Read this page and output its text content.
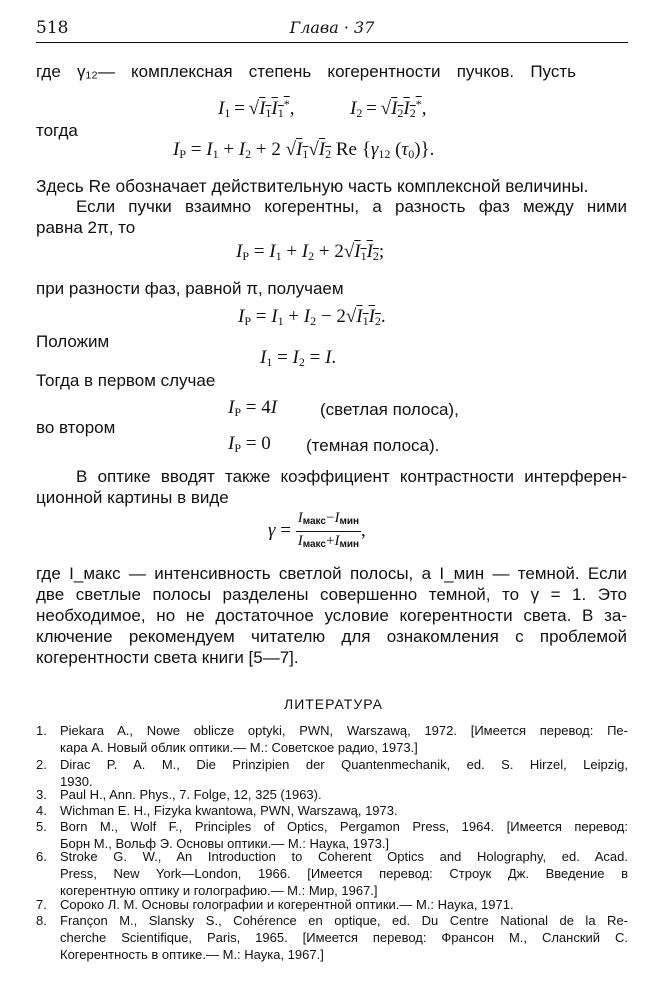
518	Глава · 37
где γ₁₂— комплексная степень когерентности пучков. Пусть
$I_1 = √I_1I_1^*$,	$I_2 = √I_2I_2^*$,
тогда
$I_P = I_1 + I_2 + 2$ $√I_1√I_2$ Re {$\gamma_{12}$ $(\tau_0)$}.
Здесь Re обозначает действительную часть комплексной величины.
Если пучки взаимно когерентны, а разность фаз между ними
равна 2π, то
$I_P = I_1 + I_2 + 2√I_1I_2$;
при разности фаз, равной π, получаем
$I_P = I_1 + I_2 - 2√I_1I_2$.
Положим
$I_1 = I_2 = I$.
Тогда в первом случае
$I_P = 4I$	(светлая полоса),
во втором
$I_P = 0$ (темная полоса).
В оптике вводят также коэффициент контрастности интерферен-
ционной картины в виде
$\gamma = \frac{I_{макс}-I_{мин}}{I_{макс}+I_{мин}}$ ,
где I_макс — интенсивность светлой полосы, а I_мин — темной. Если
две светлые полосы разделены совершенно темной, то γ = 1. Это
необходимое, но не достаточное условие когерентности света. В за-
ключение рекомендуем читателю для ознакомления с проблемой
когерентности света книги [5—7].
ЛИТЕРАТУРА
1.	Piekara A., Nowe oblicze optyki, PWN, Warszawą, 1972. [Имеется перевод: Пе-
кара А. Новый облик оптики.— М.: Советское радио, 1973.]
2.	Dirac P. A. M., Die Prinzipien der Quantenmechanik, ed. S. Hirzel, Leipzig,
1930.
3.	Paul H., Ann. Phys., 7. Folge, 12, 325 (1963).
4.	Wichman E. H., Fizyka kwantowa, PWN, Warszawą, 1973.
5.	Born M., Wolf F., Principles of Optics, Pergamon Press, 1964. [Имеется перевод:
Борн М., Вольф Э. Основы оптики.— М.: Наука, 1973.]
6.	Stroke G. W., An Introduction to Coherent Optics and Holography, ed. Acad.
Press, New York—London, 1966. [Имеется перевод: Строук Дж. Введение в
когерентную оптику и голографию.— М.: Мир, 1967.]
7.	Сороко Л. М. Основы голографии и когерентной оптики.— М.: Наука, 1971.
8.	Françon M., Slansky S., Cohérence en optique, ed. Du Centre National de la Re-
cherche Scientifique, Paris, 1965. [Имеется перевод: Франсон М., Сланский С.
Когерентность в оптике.— М.: Наука, 1967.]
